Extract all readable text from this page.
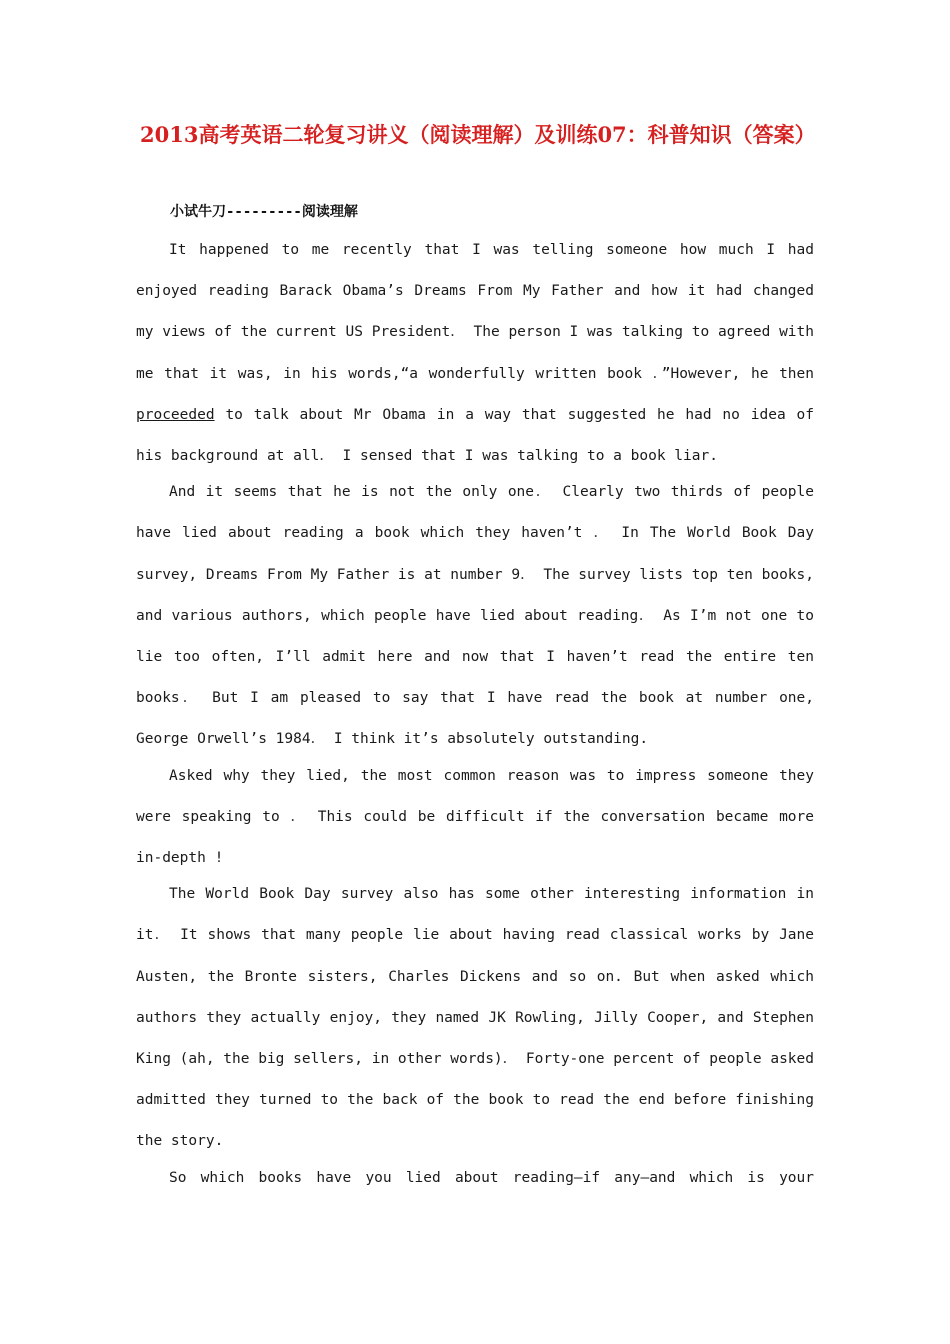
2013高考英语二轮复习讲义（阅读理解）及训练07：科普知识（答案）
小试牛刀---------阅读理解

It happened to me recently that I was telling someone how much I had enjoyed reading Barack Obama’s Dreams From My Father and how it had changed my views of the current US President． The person I was talking to agreed with me that it was, in his words,“a wonderfully written book ．”However, he then proceeded to talk about Mr Obama in a way that suggested he had no idea of his background at all． I sensed that I was talking to a book liar.

And it seems that he is not the only one． Clearly two thirds of people have lied about reading a book which they haven’t ． In The World Book Day survey, Dreams From My Father is at number 9． The survey lists top ten books, and various authors, which people have lied about reading． As I’m not one to lie too often, I’ll admit here and now that I haven’t read the entire ten books． But I am pleased to say that I have read the book at number one, George Orwell’s 1984． I think it’s absolutely outstanding.

Asked why they lied, the most common reason was to impress someone they were speaking to ． This could be difficult if the conversation became more in-depth !

The World Book Day survey also has some other interesting information in it． It shows that many people lie about having read classical works by Jane Austen, the Bronte sisters, Charles Dickens and so on. But when asked which authors they actually enjoy, they named JK Rowling, Jilly Cooper, and Stephen King (ah, the big sellers, in other words)． Forty-one percent of people asked admitted they turned to the back of the book to read the end before finishing the story.

So which books have you lied about reading—if any—and which is your
